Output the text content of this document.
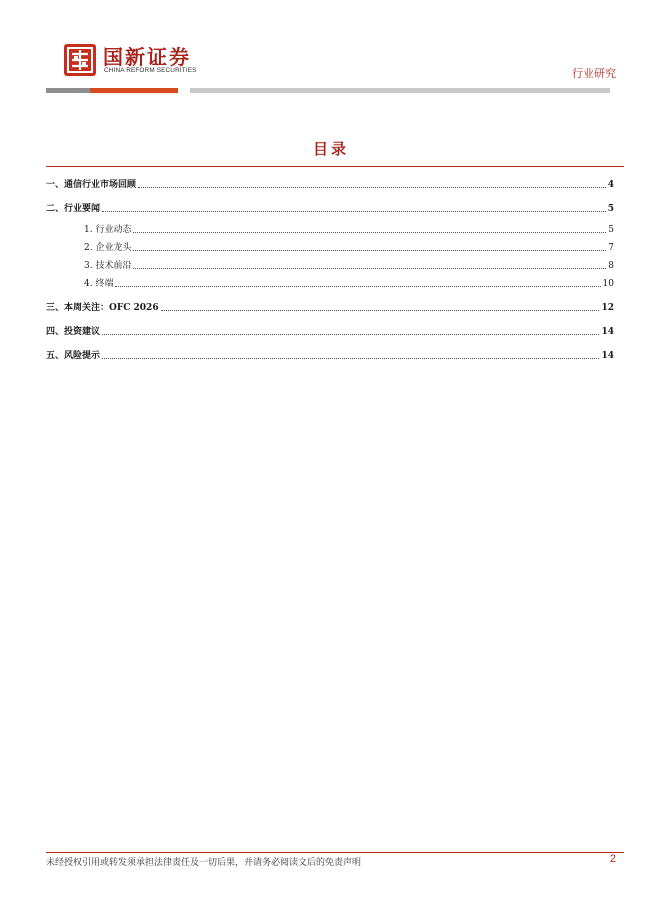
国新证券
CHINA REFORM SECURITIES	行业研究
目录
一、通信行业市场回顾	4
二、行业要闻	5
1. 行业动态	5
2. 企业龙头	7
3. 技术前沿	8
4. 终端	10
三、本周关注：OFC 2026	12
四、投资建议	14
五、风险提示	14
未经授权引用或转发须承担法律责任及一切后果，并请务必阅读文后的免责声明	2
